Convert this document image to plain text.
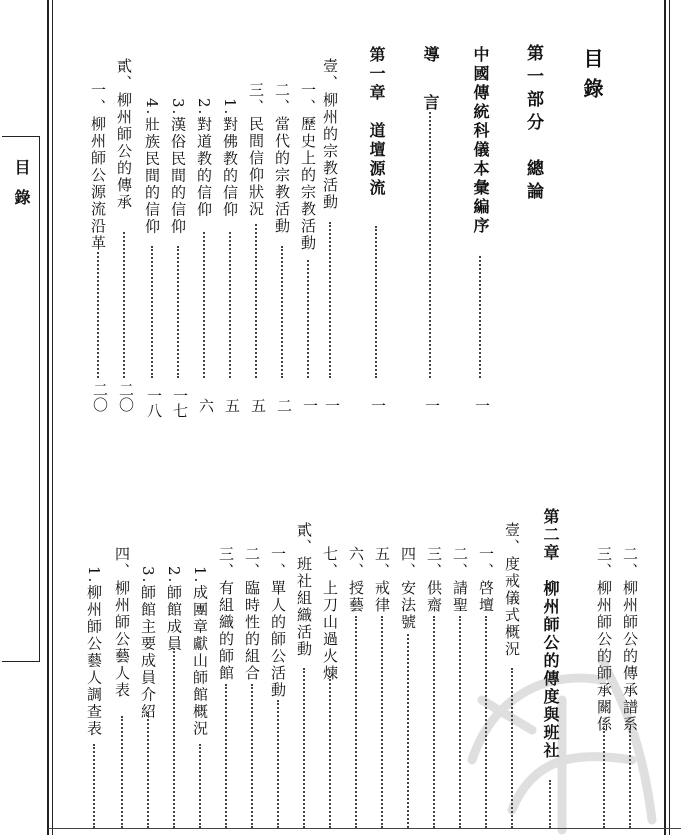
目錄
目錄
第一部分　總論
中國傳統科儀本彙編序
一
導　　言
一
第一章　道壇源流
一
壹、柳州的宗教活動
一
一、歷史上的宗教活動
一
二、當代的宗教活動
二
三、民間信仰狀況
五
1.對佛教的信仰
五
2.對道教的信仰
六
3.漢俗民間的信仰
一七
4.壯族民間的信仰
一八
貳、柳州師公的傳承
二〇
一、柳州師公源流沿革
二〇
二、柳州師公的傳承譜系
三、柳州師公的師承關係
第二章　柳州師公的傳度與班社
壹、度戒儀式概況
一、啓壇
二、請聖
三、供齋
四、安法號
五、戒律
六、授藝
七、上刀山過火煉
貳、班社組織活動
一、單人的師公活動
二、臨時性的組合
三、有組織的師館
1.成團章獻山師館概況
2.師館成員
3.師館主要成員介紹
四、柳州師公藝人表
1.柳州師公藝人調查表
